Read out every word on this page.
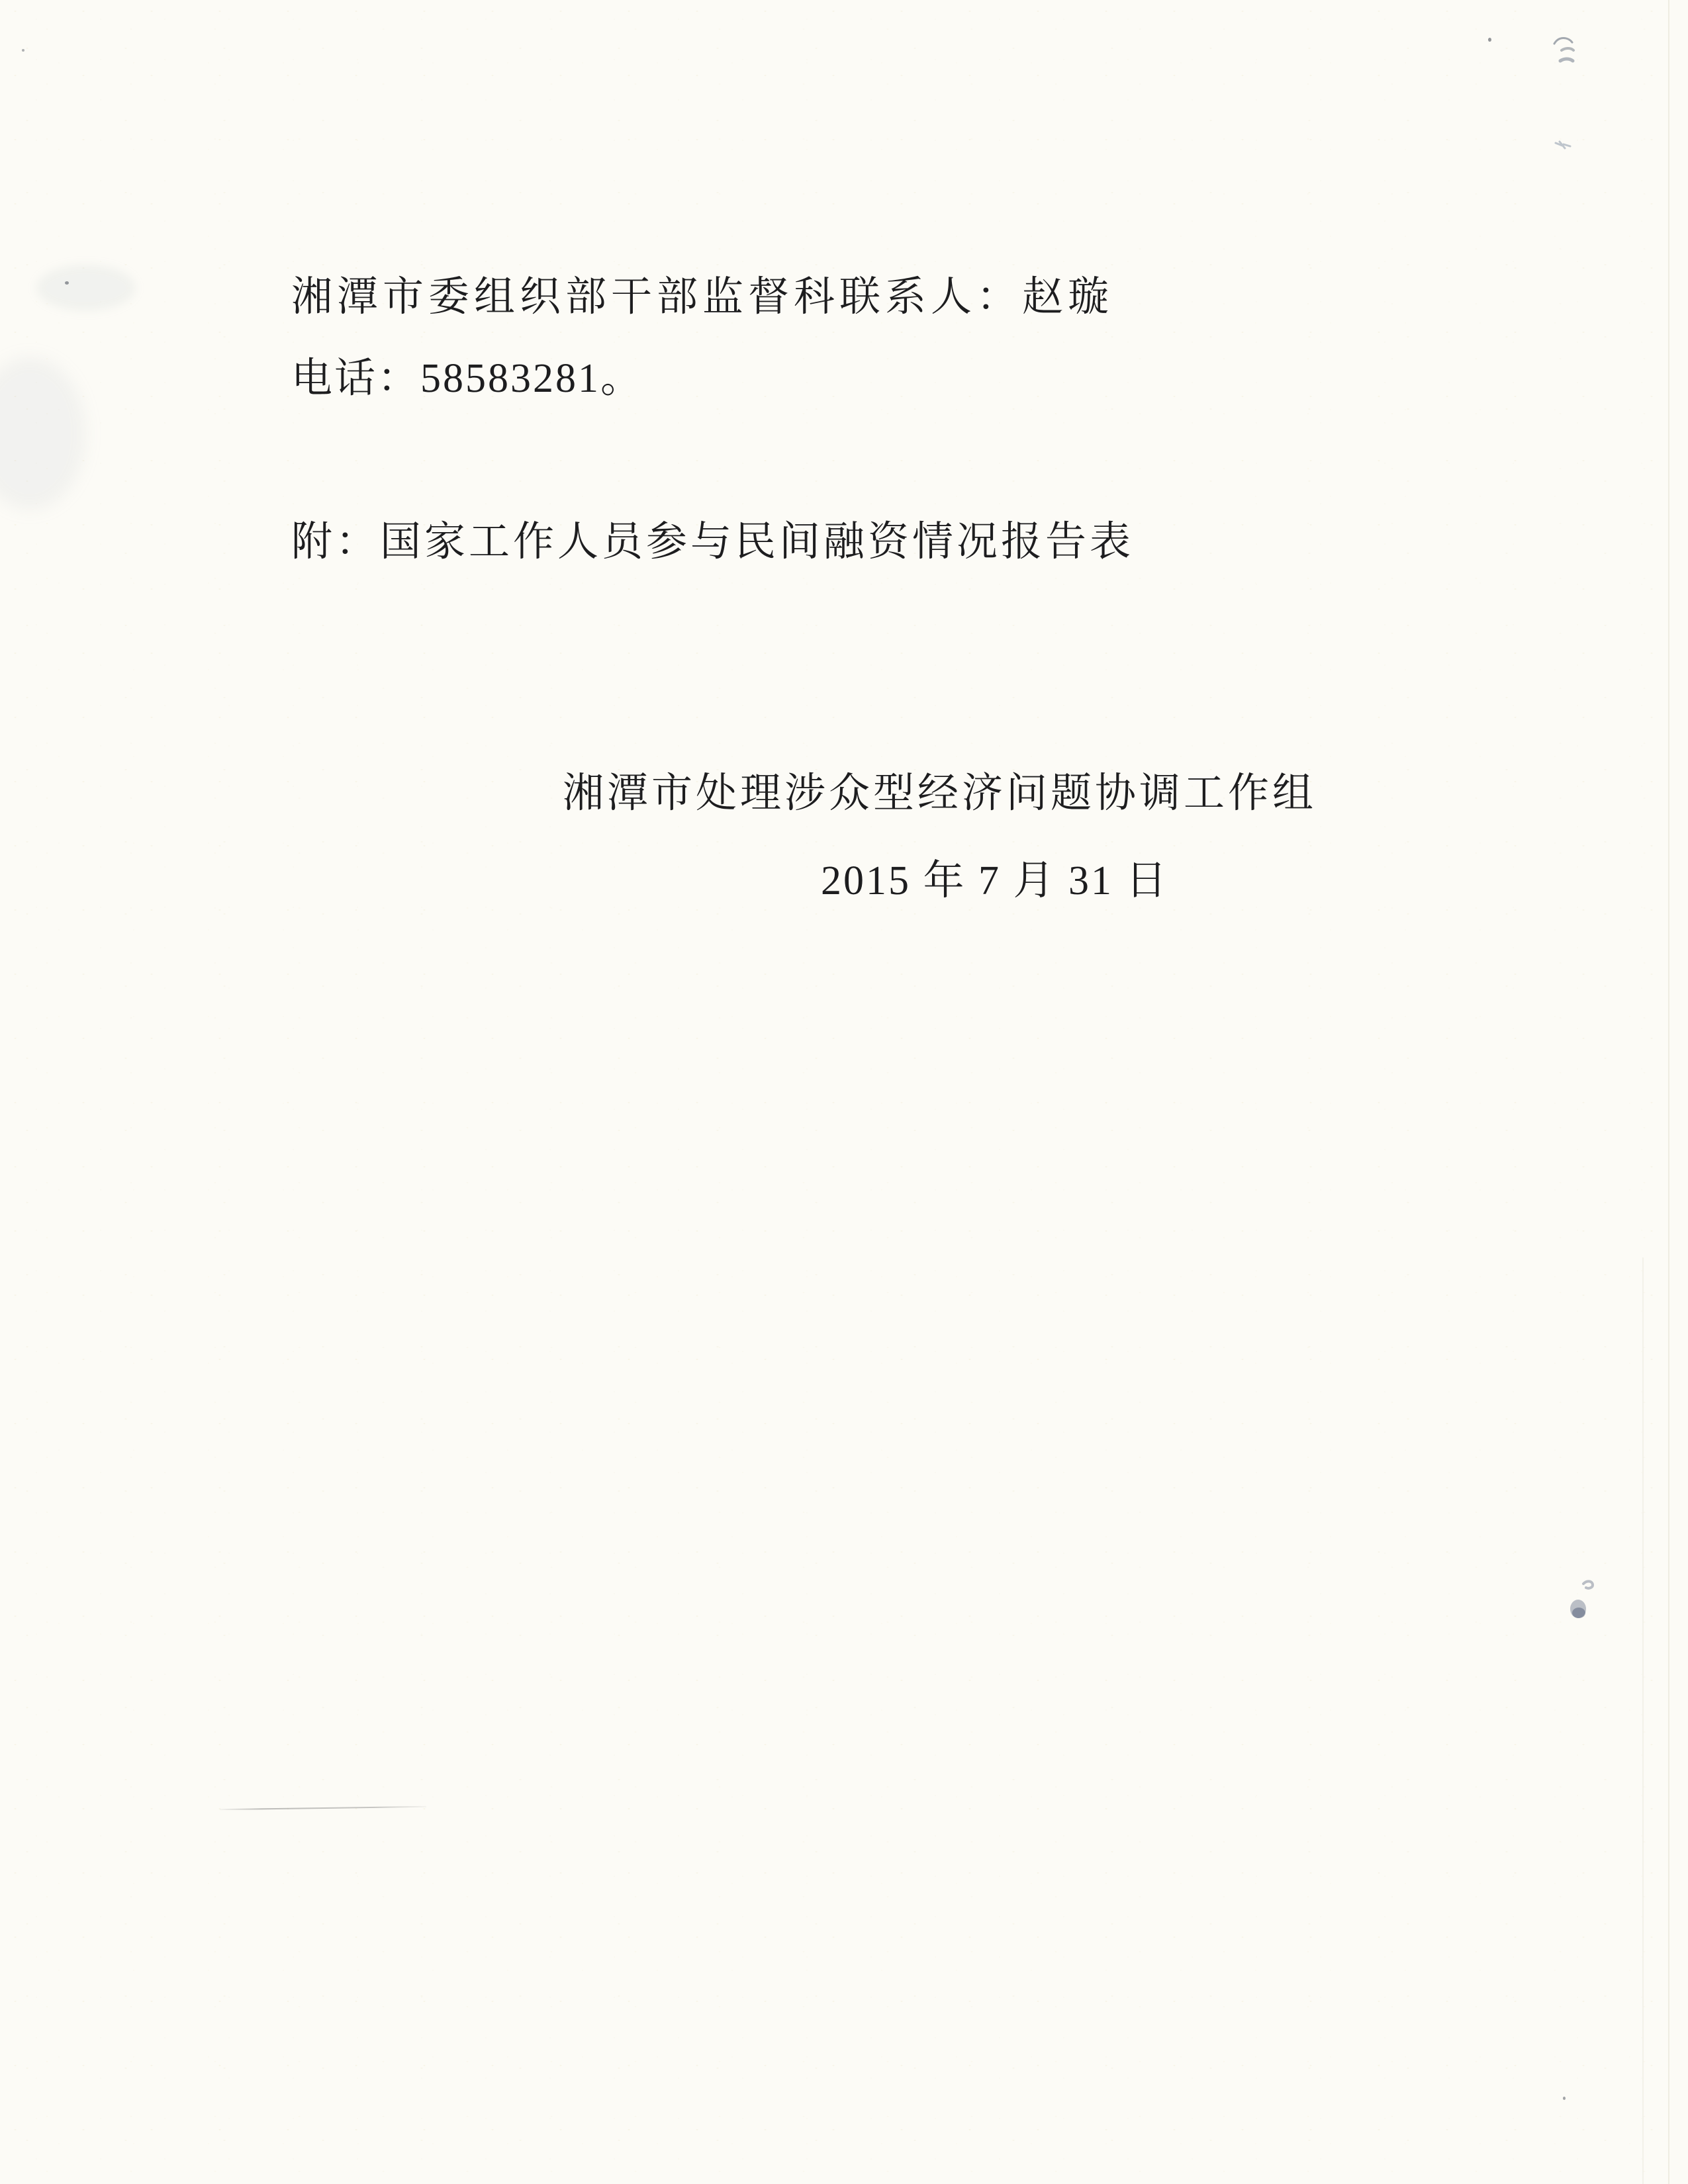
湘潭市委组织部干部监督科联系人：赵璇

电话：58583281。

附：国家工作人员参与民间融资情况报告表

湘潭市处理涉众型经济问题协调工作组

2015 年 7 月 31 日
